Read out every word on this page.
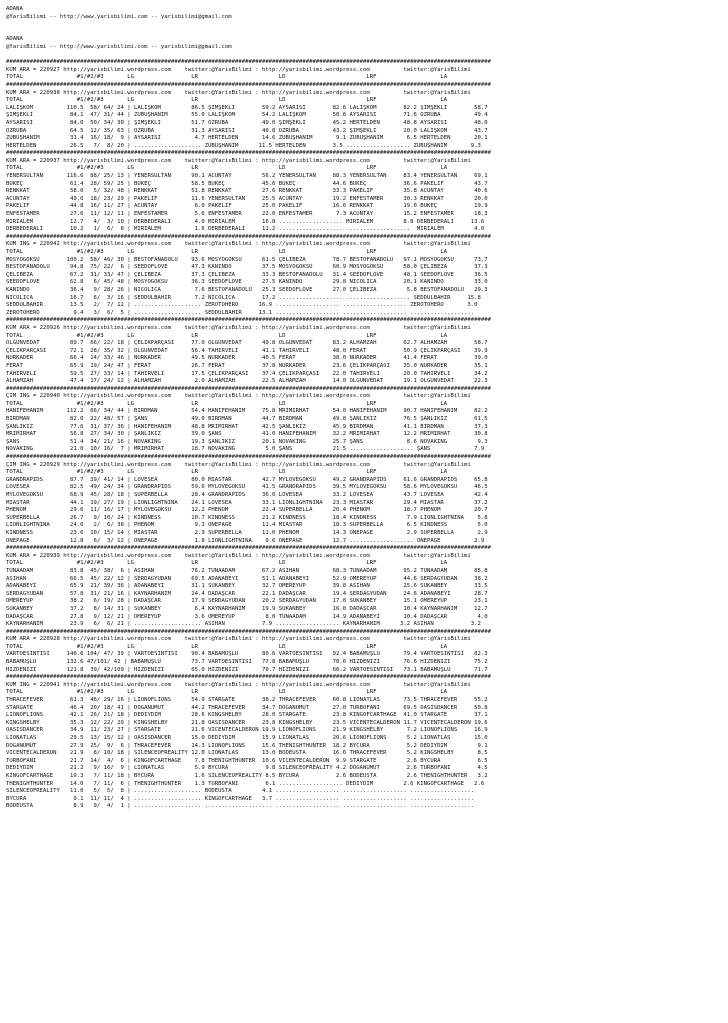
ADANA
@YarisBilimi -- http://www.yarisbilimi.com -- yarisbilimi@gmail.com
ADANA
@YarisBilimi -- http://www.yarisbilimi.com -- yarisbilimi@gmail.com
################################################################################################################################################
KUM ARA = 220927 http://yarisbilimi.wordpress.com    twitter:@YarisBilimi : http://yarisbilimi.wordpress.com          twitter:@YarisBilimi
TOTAL                #1/#2/#3       LG                 LR                        LD                        LRF                   LA
################################################################################################################################################
KUM ARA = 220938 http://yarisbilimi.wordpress.com    twitter:@YarisBilimi : http://yarisbilimi.wordpress.com          twitter:@YarisBilimi
TOTAL                #1/#2/#3       LG                 LR                        LD                        LRF                   LA
LALIŞKOM          110.5  58/ 64/ 24 | LALIŞKOM         86.5 ŞIMŞEKLİ        59.2 AYSARISI        82.6 LALIŞKOM        82.2 ŞIMŞEKLİ        58.7
ŞIMŞEKLİ           84.1  47/ 31/ 44 | ZÜBÜŞHANIM       55.0 LALIŞKOM        54.2 LALIŞKOM        50.6 AYSARISI        71.6 ÖZRÜBA          49.4
AYSARISI           84.0  50/ 34/ 30 | ŞIMŞEKLİ         51.7 ÖZRÜBA          49.0 ŞIMŞEKLİ        45.2 HERTELDEN       48.8 AYSARISI        48.0
ÖZRÜBA             64.5  12/ 35/ 63 | ÖZRÜBA           31.3 AYSARISI        40.8 ÖZRÜBA          43.2 ŞIMŞEKLİ        20.0 LALIŞKOM        43.7
ZÜBÜŞHANIM         31.4  16/ 18/  9 | AYSARISI          4.7 HERTELDEN       14.6 ZÜBÜŞHANIM       9.1 ZÜBÜŞHANIM       6.5 HERTELDEN       20.1
HERTELDEN          26.5   7/  8/ 20 | .................... ZÜBÜŞHANIM      11.5 HERTELDEN        3.5 ................... ZÜBÜŞHANIM       9.3
################################################################################################################################################
KUM ARA = 220937 http://yarisbilimi.wordpress.com    twitter:@YarisBilimi : http://yarisbilimi.wordpress.com          twitter:@YarisBilimi
TOTAL                #1/#2/#3       LG                 LR                        LD                        LRF                   LA
YENERSULTAN       116.6  88/ 25/ 13 | YENERSULTAN      90.1 ACUNTAY         56.2 YENERSULTAN     88.3 YENERSULTAN     83.4 YENERSULTAN     69.1
BÜKEÇ              61.4  28/ 59/ 25 | BÜKEÇ            58.5 BÜKEÇ           45.6 BÜKEÇ           44.6 BÜKEÇ           36.6 PAKELİF         43.7
RENKKAT            58.0   5/ 32/ 48 | RENKKAT          51.8 RENKKAT         27.6 RENKKAT         33.3 PAKELİF         35.8 ACUNTAY         40.6
ACUNTAY            49.6  18/ 23/ 29 | PAKELİF          11.6 YENERSULTAN     25.5 ACUNTAY         19.2 ENFESTAMER      30.3 RENKKAT         20.0
PAKELİF            44.8  16/ 11/ 27 | ACUNTAY           6.0 PAKELİF         25.0 PAKELİF         16.6 RENKKAT         19.0 BÜKEÇ           19.9
ENFESTAMER         27.6  11/ 12/ 11 | ENFESTAMER        5.6 ENFESTAMER      22.0 ENFESTAMER       7.3 ACUNTAY         15.2 ENFESTAMER      18.3
MİRİALEM           12.7   4/  3/ 10 | DERBEDERALİ       4.0 MİRİALEM        16.8 ................... MİRİALEM         8.8 DERBEDERALİ     13.6
DERBEDERALİ        10.2   1/  6/  8 | MİRİALEM          1.6 DERBEDERALİ     11.2 ................... ...................  MİRİALEM         4.0
################################################################################################################################################
KUM ING = 220942 http://yarisbilimi.wordpress.com    twitter:@YarisBilimi : http://yarisbilimi.wordpress.com          twitter:@YarisBilimi
TOTAL                #1/#2/#3       LG                 LR                        LD                        LRF                   LA
MÖSYÖGÖKSU        100.2  58/ 46/ 30 | BESTOFANADOLU    93.6 MÖSYÖGÖKSU      61.5 ÇELİBEZA        78.7 BESTOFANADOLU   97.1 MÖSYÖGÖKSU      73.7
BESTOFANADOLU      94.8  75/ 22/  6 | SEEDOFLOVE       47.3 KANINDO         37.5 MÖSYÖGÖKSU      60.9 MÖSYÖGÖKSU      58.0 ÇELİBEZA        37.3
ÇELİBEZA           67.2  31/ 33/ 47 | ÇELİBEZA         37.3 ÇELİBEZA        33.3 BESTOFANADOLU   31.4 SEEDOFLOVE      48.1 SEEDOFLOVE      36.5
SEEDOFLOVE         62.8   6/ 45/ 48 | MÖSYÖGÖKSU       36.3 SEEDOFLOVE      27.5 KANINDO         29.8 NICOLICA        20.1 KANINDO         33.0
KANINDO            36.4   9/ 28/ 26 | NICOLICA          7.6 BESTOFANADOLU   25.3 SEEDOFLOVE      27.0 ÇELİBEZA         5.8 BESTOFANADOLU   29.3
NICOLICA           16.7   6/  3/ 16 | SEDDÜLBAHİR       7.2 NICOLICA        17.2 ................... ................... SEDDÜLBAHİR     15.8
SEDDÜLBAHİR        13.5   2/  7/ 12 | .................... ZEROTOHERO      16.9 ................... ................... ZEROTOHERO       3.0
ZEROTOHERO          9.4   3/  6/  5 | .................... SEDDÜLBAHİR     13.1 ................... ................... ...................
################################################################################################################################################
KUM ARA = 220926 http://yarisbilimi.wordpress.com    twitter:@YarisBilimi : http://yarisbilimi.wordpress.com          twitter:@YarisBilimi
TOTAL                #1/#2/#3       LG                 LR                        LD                        LRF                   LA
OLGUNVEDAT         89.7  66/ 22/ 18 | ÇELİKPARÇASI     77.0 OLGUNVEDAT      49.8 OLGUNVEDAT      83.2 ALHAMZAH        62.7 ALHAMZAH        58.7
ÇELİKPARÇASI       72.1  28/ 35/ 32 | OLGUNVEDAT       56.4 TAHİRVELİ       41.1 TAHİRVELİ       48.0 FERAT           50.9 ÇELİKPARÇASI    39.9
NURKADER           66.4  14/ 33/ 46 | NURKADER         49.5 NURKADER        40.5 FERAT           38.0 NURKADER        41.4 FERAT           39.0
FERAT              65.9  19/ 24/ 47 | FERAT            26.7 FERAT           37.8 NURKADER        23.6 ÇELİKPARÇASI    35.0 NURKADER        35.1
TAHİRVELİ          59.5  27/ 33/ 14 | TAHİRVELİ        17.5 ÇELİKPARÇASI    37.4 ÇELİKPARÇASI    22.0 TAHİRVELİ       20.0 TAHİRVELİ       34.2
ALHAMZAH           47.4  17/ 24/ 12 | ALHAMZAH          2.0 ALHAMZAH        22.5 ALHAMZAH        14.0 OLGUNVEDAT      19.1 OLGUNVEDAT      22.3
################################################################################################################################################
ÇİM ING = 220940 http://yarisbilimi.wordpress.com    twitter:@YarisBilimi : http://yarisbilimi.wordpress.com          twitter:@YarisBilimi
TOTAL                #1/#2/#3       LG                 LR                        LD                        LRF                   LA
HANİFEHANIM       112.2  66/ 34/ 44 | BIRDMAN          54.4 HANİFEHANIM     75.8 MRIMIRHAT       54.0 HANİFEHANIM     90.7 HANİFEHANIM     82.2
BIRDMAN            82.0  22/ 48/ 57 | ŞANS             49.0 BIRDMAN         44.7 BIRDMAN         49.8 ŞANLIKIZ        76.5 ŞANLIKIZ        61.5
ŞANLIKIZ           77.6  31/ 37/ 36 | HANİFEHANIM      48.8 MRIMIRHAT       42.5 ŞANLIKIZ        45.9 BIRDMAN         41.1 BIRDMAN         37.3
MRIMIRHAT          56.8  27/ 34/ 30 | ŞANLIKIZ         39.0 ŞANS            41.0 HANİFEHANIM     32.2 MRIMIRHAT       12.2 MRIMIRHAT       30.8
ŞANS               51.4  34/ 21/ 16 | NOVAKING         19.3 ŞANLIKIZ        20.1 NOVAKING        25.7 ŞANS             8.6 NOVAKING         9.3
NOVAKING           21.0  10/ 16/  7 | MRIMIRHAT        18.7 NOVAKING         5.0 ŞANS            21.5 ................... ŞANS             7.9
################################################################################################################################################
ÇİM ING = 220929 http://yarisbilimi.wordpress.com    twitter:@YarisBilimi : http://yarisbilimi.wordpress.com          twitter:@YarisBilimi
TOTAL                #1/#2/#3       LG                 LR                        LD                        LRF                   LA
GRANDRAPIDS        87.7  39/ 41/ 14 | LOVESEA          80.0 MİASTAR         42.7 MYLOVEGÖKSU     49.2 GRANDRAPIDS     61.6 GRANDRAPIDS     65.8
LOVESEA            82.5  49/ 24/ 34 | GRANDRAPIDS      59.6 MYLOVEGÖKSU     41.5 GRANDRAPIDS     39.5 MYLOVEGÖKSU     58.6 MYLOVEGÖKSU     46.5
MYLOVEGÖKSU        68.9  45/ 28/ 18 | SÜPERBELLA       28.4 GRANDRAPIDS     36.0 LOVESEA         33.2 LOVESEA         43.7 LOVESEA         42.4
MİASTAR            44.1  19/ 27/ 19 | LIONLIGHTNINA    24.1 LOVESEA         33.1 LIONLIGHTNINA   23.3 MİASTAR         29.4 MİASTAR         37.2
PHENOM             29.6  11/ 16/ 17 | MYLOVEGÖKSU      12.2 PHENOM          22.4 SÜPERBELLA      20.4 PHENOM          18.7 PHENOM          20.7
SÜPERBELLA         26.7   9/ 10/ 24 | KINDNESS         10.7 KINDNESS        21.2 KINDNESS        18.4 KINDNESS         7.9 LIONLIGHTNINA    5.8
LIONLIGHTNINA      24.0   2/  6/ 38 | PHENOM            9.3 ONEPAGE         11.4 MİASTAR         18.3 SÜPERBELLA       6.5 KINDNESS         5.0
KINDNESS           23.6  10/ 15/ 14 | MİASTAR           2.9 SÜPERBELLA      11.0 PHENOM          14.3 ONEPAGE          2.9 SÜPERBELLA       2.9
ONEPAGE            12.8   6/  3/ 12 | ONEPAGE           1.8 LIONLIGHTNINA    9.6 ONEPAGE         12.7 ................... ONEPAGE          2.9
################################################################################################################################################
KUM ARA = 220939 http://yarisbilimi.wordpress.com    twitter:@YarisBilimi : http://yarisbilimi.wordpress.com          twitter:@YarisBilimi
TOTAL                #1/#2/#3       LG                 LR                        LD                        LRF                   LA
TUNAADAM           83.8  45/ 38/  6 | ASİHAN           76.2 TUNAADAM        67.2 ASİHAN          68.3 TUNAADAM        95.2 TUNAADAM        85.8
ASİHAN             66.5  45/ 22/ 12 | SERDAĞYUDAN      69.5 ADANABEYİ       51.1 ADANABEYİ       52.9 ÖMEREYÜP        44.6 SERDAĞYUDAN     38.2
ADANABEYİ          65.9  21/ 39/ 36 | ADANABEYİ        31.1 SÜKANBEY        32.7 ÖMEREYÜP        39.8 ASİHAN          25.6 SÜKANBEY        33.5
SERDAĞYUDAN        57.8  31/ 21/ 16 | KAYNARHANIM      24.4 DADAŞCAR        22.1 DADAŞCAR        19.4 SERDAĞYUDAN     24.6 ADANABEYİ       28.7
ÖMEREYÜP           38.2   6/ 19/ 28 | DADAŞCAR         17.9 SERDAĞYUDAN     20.2 SERDAĞYUDAN     17.8 SÜKANBEY        15.1 ÖMEREYÜP        23.1
SÜKANBEY           37.2   8/ 14/ 31 | SÜKANBEY          6.4 KAYNARHANIM     19.9 SÜKANBEY        16.0 DADAŞCAR        10.4 KAYNARHANIM     12.7
DADAŞCAR           27.8   9/ 12/ 21 | ÖMEREYÜP          3.6 ÖMEREYÜP         8.0 TUNAADAM        14.9 ADANABEYİ       10.4 DADAŞCAR         4.0
KAYNARHANIM        23.9   6/  6/ 21 | .................... ASİHAN           7.9 ................... KAYNARHANIM      3.2 ASİHAN           3.2
################################################################################################################################################
KUM ARA = 220928 http://yarisbilimi.wordpress.com    twitter:@YarisBilimi : http://yarisbilimi.wordpress.com          twitter:@YarisBilimi
TOTAL                #1/#2/#3       LG                 LR                        LD                        LRF                   LA
VARTOESİNTİSİ     146.6 104/ 47/ 39 | VARTOESİNTİSİ    90.4 BABAMUŞLU       80.6 VARTOESİNTİSİ   92.4 BABAMUŞLU       79.4 VARTOESİNTİSİ   82.3
BABAMUŞLU         132.6 47/101/ 42 | BABAMUŞLU         73.7 VARTOESİNTİSİ   77.8 BABAMUŞLU       70.6 HIZDENİZİ       76.6 HIZDENİZİ       75.2
HIZDENİZİ         121.8  39/ 42/109 | HIZDENİZİ        65.0 HIZDENİZİ       70.7 HIZDENİZİ       66.2 VARTOESİNTİSİ   73.1 BABAMUŞLU       71.7
################################################################################################################################################
KUM ING = 220941 http://yarisbilimi.wordpress.com    twitter:@YarisBilimi : http://yarisbilimi.wordpress.com          twitter:@YarisBilimi
TOTAL                #1/#2/#3       LG                 LR                        LD                        LRF                   LA
THRACEFEVER        61.3  46/ 29/ 16 | LIONOFLIONS      54.9 STARGATE        38.2 THRACEFEVER     60.8 LIONATLAS       73.5 THRACEFEVER     55.2
STARGATE           46.4  20/ 18/ 41 | DOĞANUMUT        44.2 THRACEFEVER     34.7 DOĞANUMUT       27.0 TURBOFANI       69.5 OASISDANCER     50.8
LIONOFLIONS        42.1  26/ 21/ 18 | DEDİYDİM         28.6 KINGSHELBY      28.0 STARGATE        23.8 KINGOFCARTHAGE  41.0 STARGATE        37.1
KINGSHELBY         35.3  12/ 22/ 29 | KINGSHELBY       21.8 OASISDANCER     23.8 KINGSHELBY      23.5 VICENTECALDERON 11.7 VICENTECALDERON 19.6
OASISDANCER        34.9  11/ 23/ 27 | STARGATE         21.6 VICENTECALDERON 19.9 LIONOFLIONS     21.9 KINGSHELBY       7.2 LIONOFLIONS     16.9
LIONATLAS          29.5  13/ 15/ 12 | OASISDANCER      15.0 DEDİYDİM        15.9 LIONATLAS       20.6 LIONOFLIONS      5.2 LIONATLAS       15.0
DOĞANUMUT          27.9  25/  9/  6 | THRACEFEVER      14.3 LIONOFLIONS     15.6 THENIGHTHUNTER  18.2 BYCURA           5.2 DEDİYDİM         9.1
VICENTECALDERON    21.9   8/ 10/ 18 | SILENCEOFREALITY 12.0 LIONATLAS       13.0 BODEUSTA        16.6 THRACEFEVER      5.2 KINGSHELBY       8.5
TURBOFANI          21.7  14/  4/  6 | KINGOFCARTHAGE    7.8 THENIGHTHUNTER  10.6 VICENTECALDERON  9.9 STARGATE         2.6 BYCURA           6.5
DEDİYDİM           21.2   9/ 16/  9 | LIONATLAS         5.9 BYCURA           9.8 SILENCEOFREALITY 4.2 DOĞANUMUT        2.6 TURBOFANI        4.5
KINGOFCARTHAGE     19.3   7/ 11/ 18 | BYCURA            1.6 SILENCEOFREALITY 8.5 BYCURA           2.6 BODEUSTA         2.6 THENIGHTHUNTER   3.2
THENIGHTHUNTER     14.0   7/ 11/  6 | THENIGHTHUNTER    1.3 TURBOFANI        6.1 ................... DEDİYDİM         2.6 KINGOFCARTHAGE   2.6
SILENCEOFREALITY   11.0   5/  5/  8 | .................... BODEUSTA         4.1 ................... ................... ...................
BYCURA              9.1  11/ 11/  4 | .................... KINGOFCARTHAGE   3.7 ................... ................... ...................
BODEUSTA            8.9   9/  4/  1 | .................... .................... ................... ................... ...................
